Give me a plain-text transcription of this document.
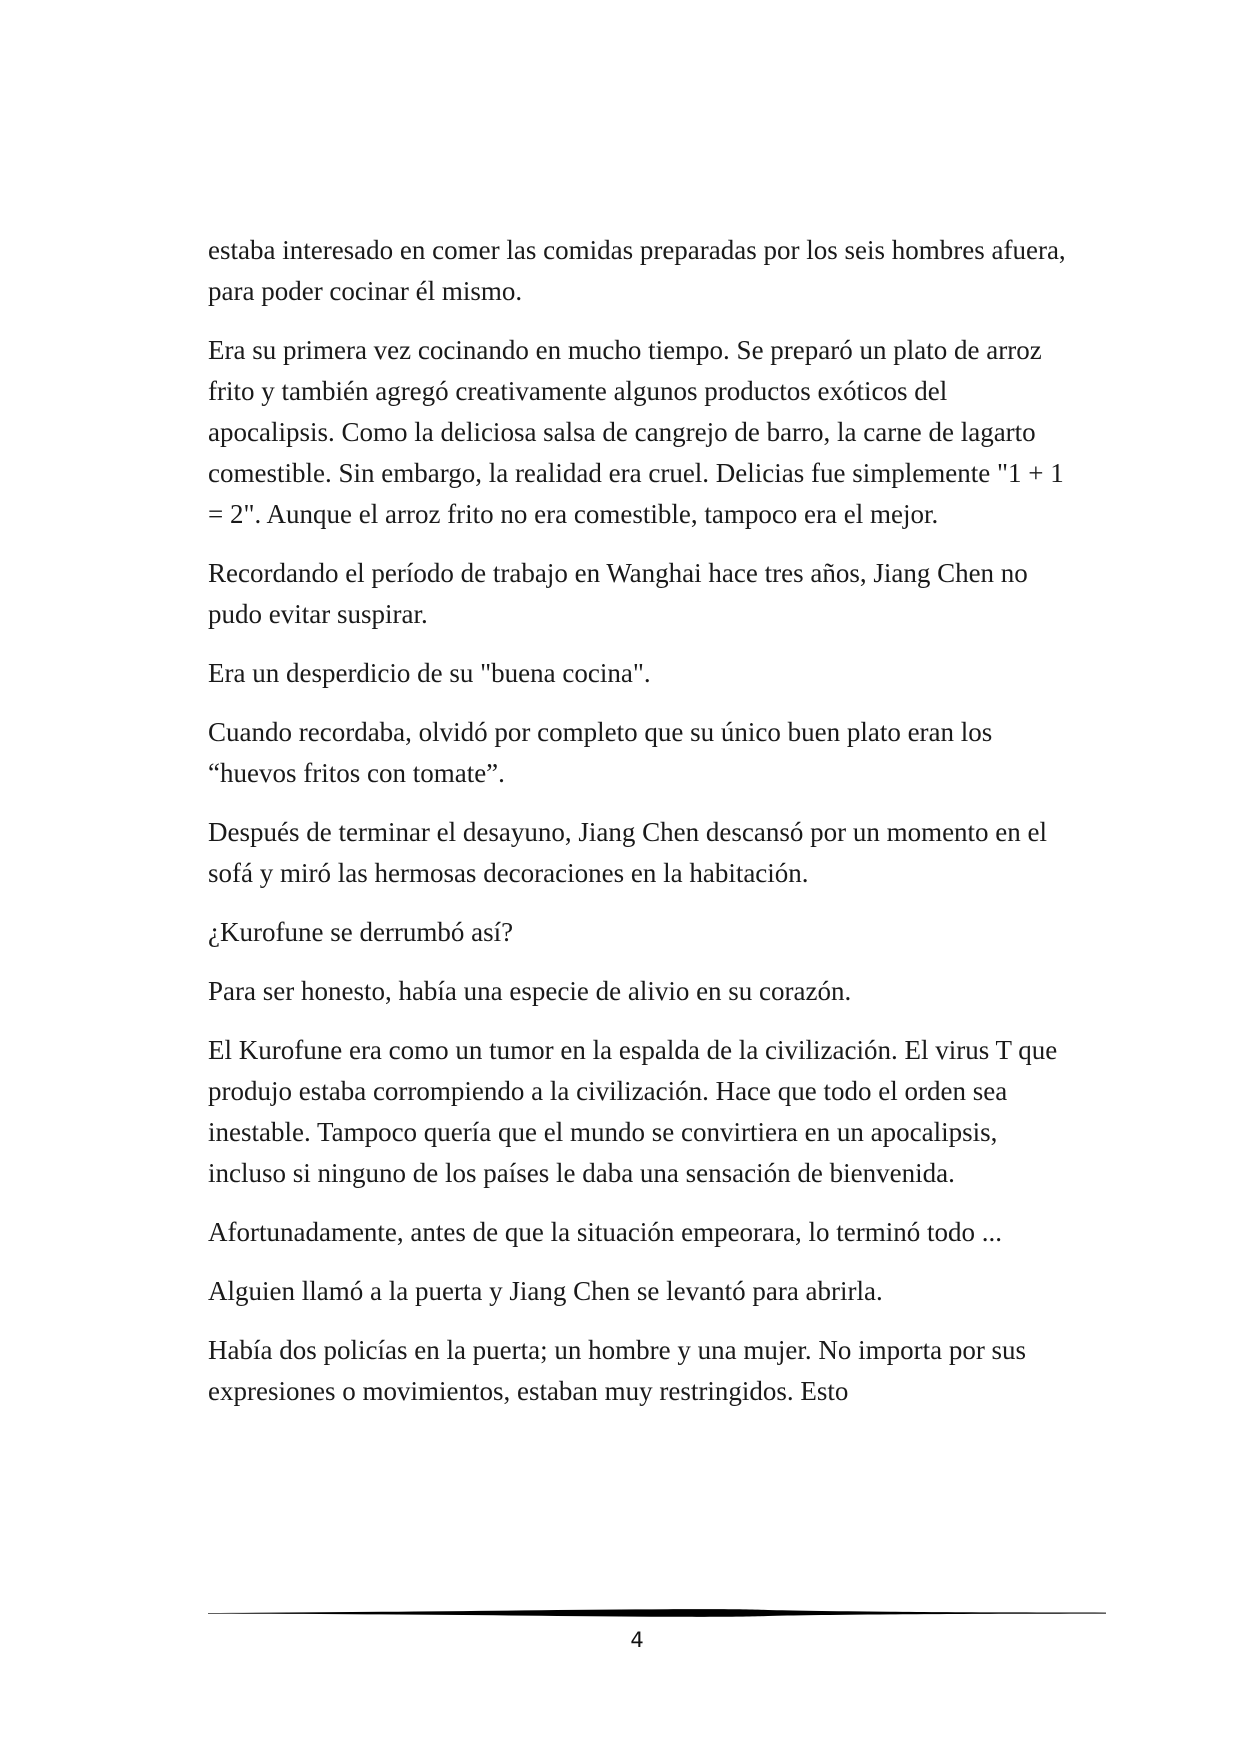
estaba interesado en comer las comidas preparadas por los seis hombres afuera, para poder cocinar él mismo.

Era su primera vez cocinando en mucho tiempo. Se preparó un plato de arroz frito y también agregó creativamente algunos productos exóticos del apocalipsis. Como la deliciosa salsa de cangrejo de barro, la carne de lagarto comestible. Sin embargo, la realidad era cruel. Delicias fue simplemente "1 + 1 = 2". Aunque el arroz frito no era comestible, tampoco era el mejor.

Recordando el período de trabajo en Wanghai hace tres años, Jiang Chen no pudo evitar suspirar.

Era un desperdicio de su "buena cocina".

Cuando recordaba, olvidó por completo que su único buen plato eran los “huevos fritos con tomate”.

Después de terminar el desayuno, Jiang Chen descansó por un momento en el sofá y miró las hermosas decoraciones en la habitación.

¿Kurofune se derrumbó así?

Para ser honesto, había una especie de alivio en su corazón.

El Kurofune era como un tumor en la espalda de la civilización. El virus T que produjo estaba corrompiendo a la civilización. Hace que todo el orden sea inestable. Tampoco quería que el mundo se convirtiera en un apocalipsis, incluso si ninguno de los países le daba una sensación de bienvenida.

Afortunadamente, antes de que la situación empeorara, lo terminó todo ...

Alguien llamó a la puerta y Jiang Chen se levantó para abrirla.

Había dos policías en la puerta; un hombre y una mujer. No importa por sus expresiones o movimientos, estaban muy restringidos. Esto

4
